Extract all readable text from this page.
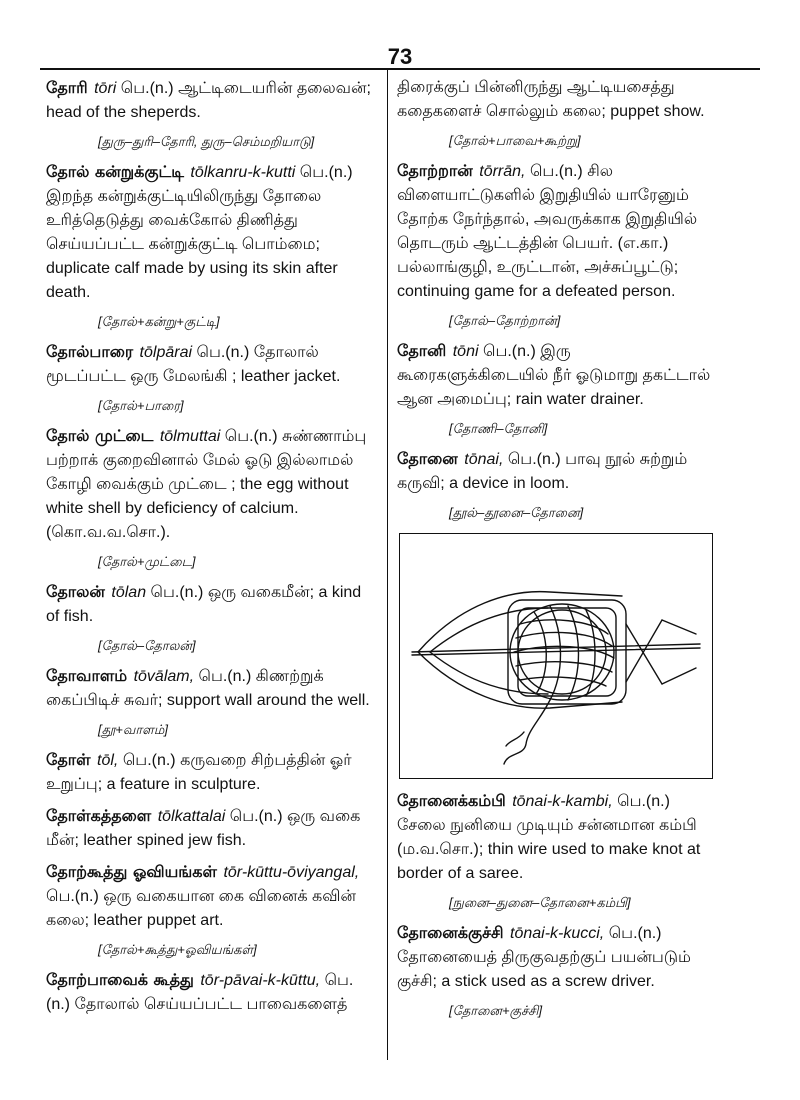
73
தோரி tōri பெ.(n.) ஆட்டிடையரின் தலைவன்; head of the sheperds.
[துரு–துரி–தோரி, துரு–செம்மறியாடு]
தோல் கன்றுக்குட்டி tōlkanru-k-kutti பெ.(n.) இறந்த கன்றுக்குட்டியிலிருந்து தோலை உரித்தெடுத்து வைக்கோல் திணித்து செய்யப்பட்ட கன்றுக்குட்டி பொம்மை; duplicate calf made by using its skin after death.
[தோல்+கன்று+குட்டி]
தோல்பாரை tōlpārai பெ.(n.) தோலால் மூடப்பட்ட ஒரு மேலங்கி ; leather jacket.
[தோல்+பாரை]
தோல் முட்டை tōlmuttai பெ.(n.) சுண்ணாம்பு பற்றாக் குறைவினால் மேல் ஓடு இல்லாமல் கோழி வைக்கும் முட்டை ; the egg without white shell by deficiency of calcium. (கொ.வ.வ.சொ.).
[தோல்+முட்டை]
தோலன் tōlan பெ.(n.) ஒரு வகைமீன்; a kind of fish.
[தோல்–தோலன்]
தோவாளம் tōvālam, பெ.(n.) கிணற்றுக் கைப்பிடிச் சுவர்; support wall around the well.
[தூ+வாளம்]
தோள் tōl, பெ.(n.) கருவறை சிற்பத்தின் ஓர் உறுப்பு; a feature in sculpture.
தோள்கத்தளை tōlkattalai பெ.(n.) ஒரு வகை மீன்; leather spined jew fish.
தோற்கூத்து ஓவியங்கள் tōr-kūttu-ōviyangal, பெ.(n.) ஒரு வகையான கை வினைக் கவின் கலை; leather puppet art.
[தோல்+கூத்து+ஓவியங்கள்]
தோற்பாவைக் கூத்து tōr-pāvai-k-kūttu, பெ.(n.) தோலால் செய்யப்பட்ட பாவைகளைத்
திரைக்குப் பின்னிருந்து ஆட்டியசைத்து கதைகளைச் சொல்லும் கலை; puppet show.
[தோல்+பாவை+கூற்று]
தோற்றான் tōrrān, பெ.(n.) சில விளையாட்டுகளில் இறுதியில் யாரேனும் தோற்க நேர்ந்தால், அவருக்காக இறுதியில் தொடரும் ஆட்டத்தின் பெயர். (எ.கா.) பல்லாங்குழி, உருட்டான், அச்சுப்பூட்டு; continuing game for a defeated person.
[தோல்–தோற்றான்]
தோனி tōni பெ.(n.) இரு கூரைகளுக்கிடையில் நீர் ஓடுமாறு தகட்டால் ஆன அமைப்பு; rain water drainer.
[தோணி–தோனி]
தோனை tōnai, பெ.(n.) பாவு நூல் சுற்றும் கருவி; a device in loom.
[தூல்–தூனை–தோனை]
தோனைக்கம்பி tōnai-k-kambi, பெ.(n.) சேலை நுனியை முடியும் சன்னமான கம்பி (ம.வ.சொ.); thin wire used to make knot at border of a saree.
[நுனை–துனை–தோனை+கம்பி]
தோனைக்குச்சி tōnai-k-kucci, பெ.(n.) தோனையைத் திருகுவதற்குப் பயன்படும் குச்சி; a stick used as a screw driver.
[தோனை+குச்சி]
